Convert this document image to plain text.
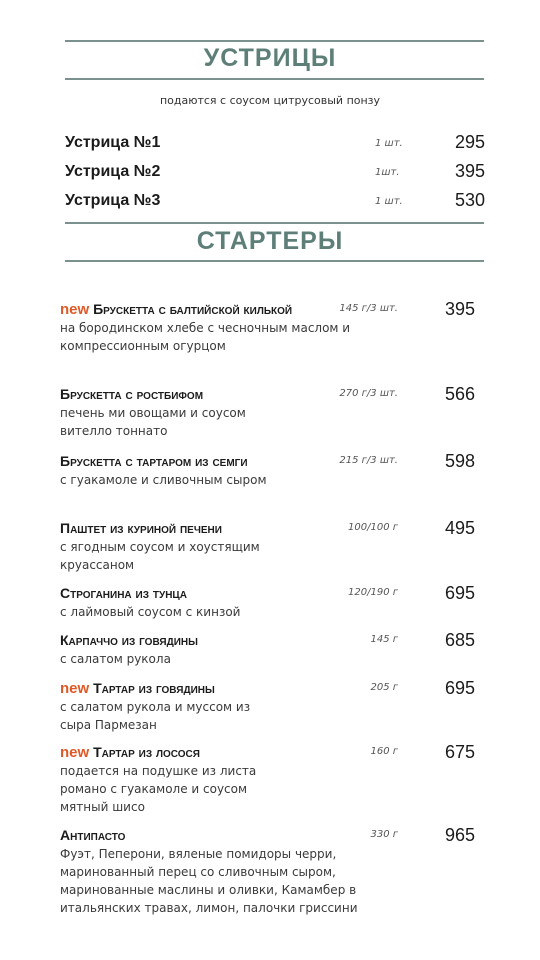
УСТРИЦЫ
подаются с соусом цитрусовый понзу
Устрица №1	1 шт.	295
Устрица №2	1шт.	395
Устрица №3	1 шт.	530
СТАРТЕРЫ
new Брускетта с балтийской килькой
на бородинском хлебе с чесночным маслом и компрессионным огурцом
145 г/3 шт.	395
Брускетта с ростбифом
печень ми овощами и соусом вителло тоннато
270 г/3 шт.	566
Брускетта с тартаром из семги
с гуакамоле и сливочным сыром
215 г/3 шт.	598
Паштет из куриной печени
с ягодным соусом и хоустящим круассаном
100/100 г	495
Строганина из тунца
с лаймовый соусом с кинзой
120/190 г	695
Карпаччо из говядины
с салатом рукола
145 г	685
new Тартар из говядины
с салатом рукола и муссом из сыра Пармезан
205 г	695
new Тартар из лосося
подается на подушке из листа романо с гуакамоле и соусом мятный шисо
160 г	675
Антипасто
Фуэт, Пеперони, вяленые помидоры черри, маринованный перец со сливочным сыром, маринованные маслины и оливки, Камамбер в итальянских травах, лимон, палочки гриссини
330 г	965
